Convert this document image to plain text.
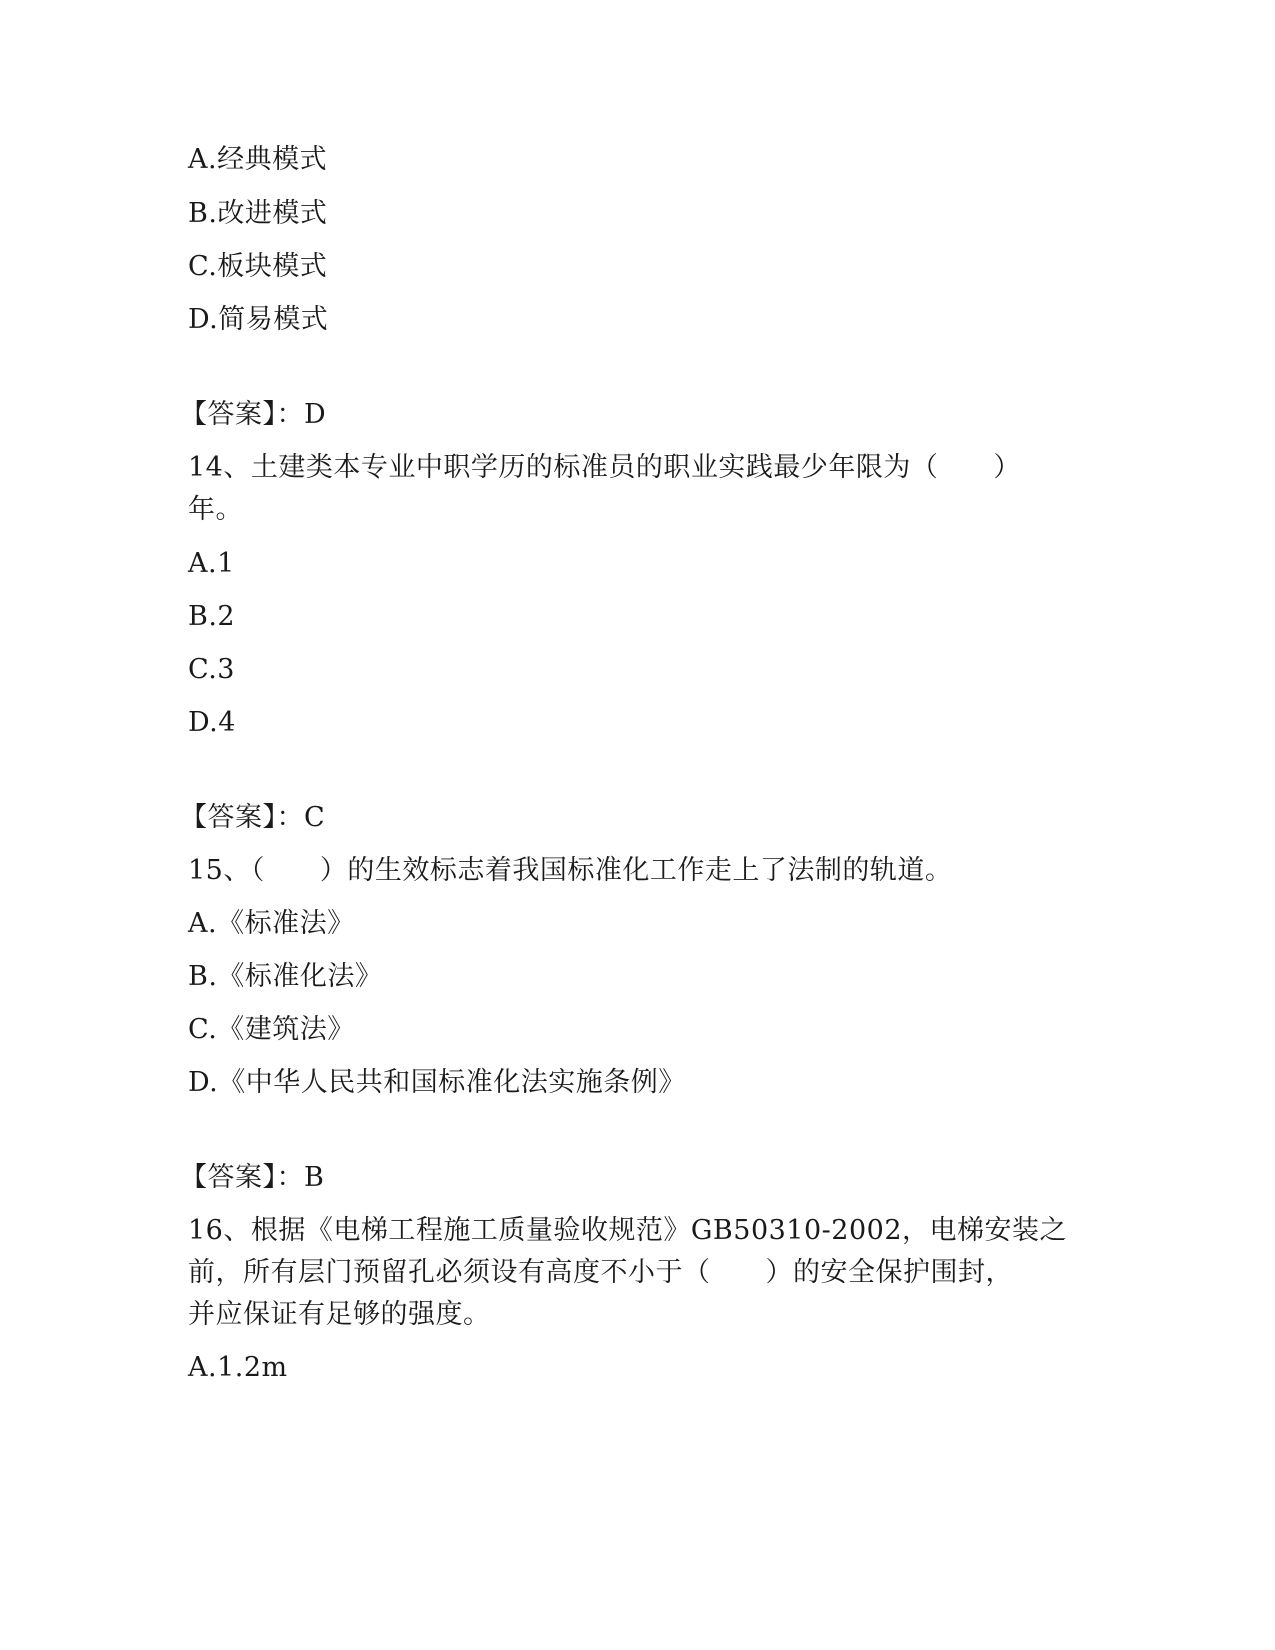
A.经典模式
B.改进模式
C.板块模式
D.简易模式
【答案】：D
14、土建类本专业中职学历的标准员的职业实践最少年限为（　　）
年。
A.1
B.2
C.3
D.4
【答案】：C
15、（　　）的生效标志着我国标准化工作走上了法制的轨道。
A.《标准法》
B.《标准化法》
C.《建筑法》
D.《中华人民共和国标准化法实施条例》
【答案】：B
16、根据《电梯工程施工质量验收规范》GB50310-2002，电梯安装之
前，所有层门预留孔必须设有高度不小于（　　）的安全保护围封，
并应保证有足够的强度。
A.1.2m
